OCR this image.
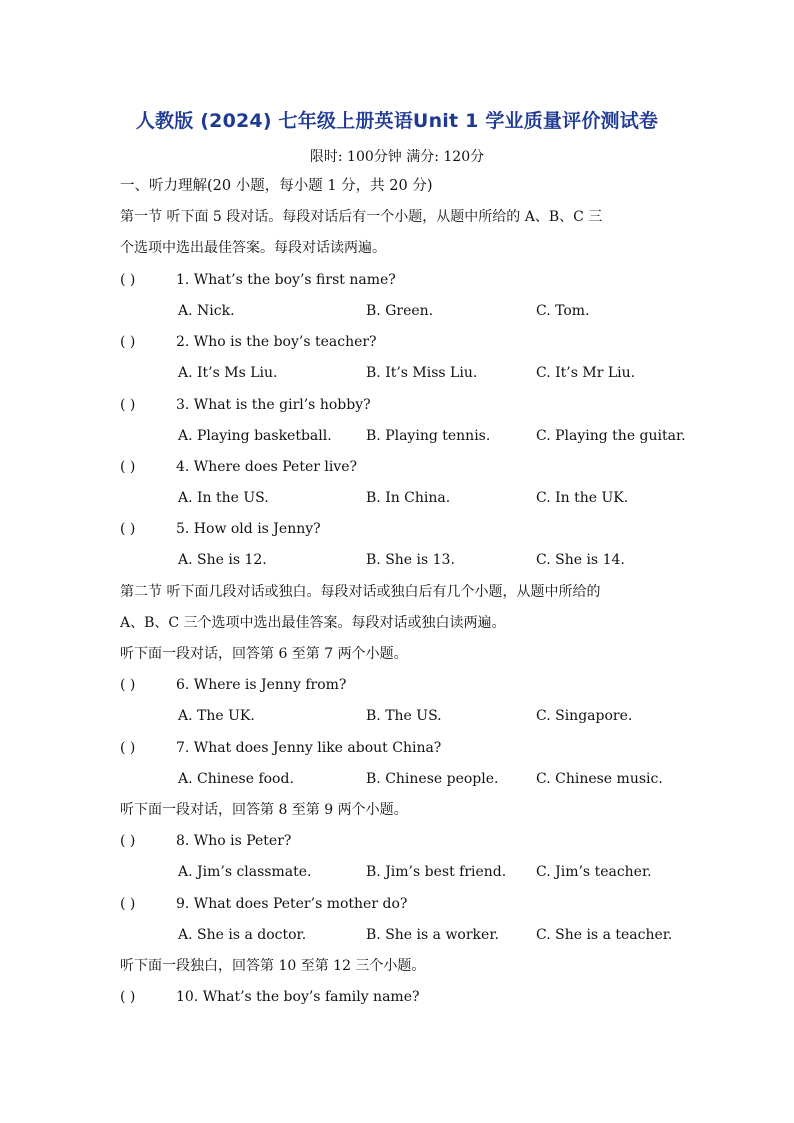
人教版 (2024) 七年级上册英语Unit 1 学业质量评价测试卷
限时: 100分钟 满分: 120分
一、听力理解(20 小题，每小题 1 分，共 20 分)
第一节 听下面 5 段对话。每段对话后有一个小题，从题中所给的 A、B、C 三
个选项中选出最佳答案。每段对话读两遍。
( )	1. What’s the boy’s first name?
A. Nick.	B. Green.	C. Tom.
( )	2. Who is the boy’s teacher?
A. It’s Ms Liu.	B. It’s Miss Liu.	C. It’s Mr Liu.
( )	3. What is the girl’s hobby?
A. Playing basketball. B. Playing tennis.	C. Playing the guitar.
( )	4. Where does Peter live?
A. In the US.	B. In China.	C. In the UK.
( )	5. How old is Jenny?
A. She is 12.	B. She is 13.	C. She is 14.
第二节 听下面几段对话或独白。每段对话或独白后有几个小题，从题中所给的
A、B、C 三个选项中选出最佳答案。每段对话或独白读两遍。
听下面一段对话，回答第 6 至第 7 两个小题。
( )	6. Where is Jenny from?
A. The UK.	B. The US.	C. Singapore.
( )	7. What does Jenny like about China?
A. Chinese food.	B. Chinese people.	C. Chinese music.
听下面一段对话，回答第 8 至第 9 两个小题。
( )	8. Who is Peter?
A. Jim’s classmate.	B. Jim’s best friend. C. Jim’s teacher.
( )	9. What does Peter’s mother do?
A. She is a doctor.	B. She is a worker.	C. She is a teacher.
听下面一段独白，回答第 10 至第 12 三个小题。
( )	10. What’s the boy’s family name?
